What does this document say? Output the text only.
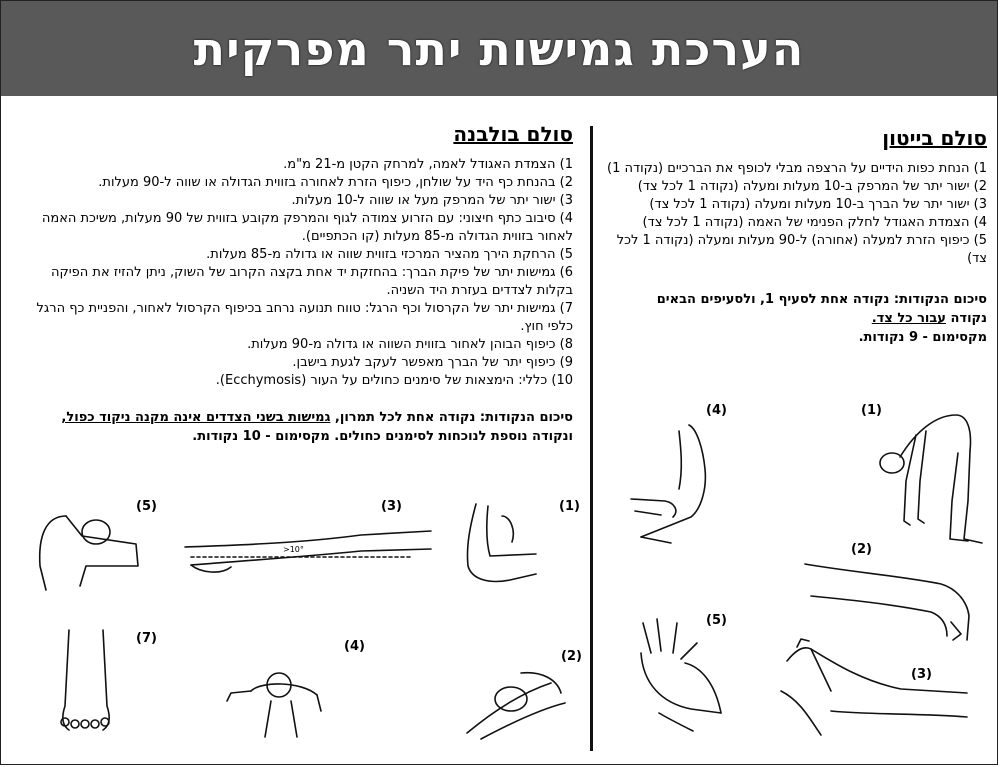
הערכת גמישות יתר מפרקית
סולם בייטון
1) הנחת כפות הידיים על הרצפה מבלי לכופף את הברכיים (נקודה 1)
2) ישור יתר של המרפק ב-10 מעלות ומעלה (נקודה 1 לכל צד)
3) ישור יתר של הברך ב-10 מעלות ומעלה (נקודה 1 לכל צד)
4) הצמדת האגודל לחלק הפנימי של האמה (נקודה 1 לכל צד)
5) כיפוף הזרת למעלה (אחורה) ל-90 מעלות ומעלה (נקודה 1 לכל צד)
סיכום הנקודות: נקודה אחת לסעיף 1, ולסעיפים הבאים
נקודה עבור כל צד.
מקסימום - 9 נקודות.
סולם בולבנה
1) הצמדת האגודל לאמה, למרחק הקטן מ-21 מ"מ.
2) בהנחת כף היד על שולחן, כיפוף הזרת לאחורה בזווית הגדולה או שווה ל-90 מעלות.
3) ישור יתר של המרפק מעל או שווה ל-10 מעלות.
4) סיבוב כתף חיצוני: עם הזרוע צמודה לגוף והמרפק מקובע בזווית של 90 מעלות, משיכת האמה לאחור בזווית הגדולה מ-85 מעלות (קו הכתפיים).
5) הרחקת הירך מהציר המרכזי בזווית שווה או גדולה מ-85 מעלות.
6) גמישות יתר של פיקת הברך: בהחזקת יד אחת בקצה הקרוב של השוק, ניתן להזיז את הפיקה בקלות לצדדים בעזרת היד השניה.
7) גמישות יתר של הקרסול וכף הרגל: טווח תנועה נרחב בכיפוף הקרסול לאחור, והפניית כף הרגל כלפי חוץ.
8) כיפוף הבוהן לאחור בזווית השווה או גדולה מ-90 מעלות.
9) כיפוף יתר של הברך מאפשר לעקב לגעת בישבן.
10) כללי: הימצאות של סימנים כחולים על העור (Ecchymosis).
סיכום הנקודות: נקודה אחת לכל תמרון, גמישות בשני הצדדים אינה מקנה ניקוד כפול,
ונקודה נוספת לנוכחות לסימנים כחולים. מקסימום - 10 נקודות.
(1)
(4)
(2)
(5)
(3)
(1)
(3)
(5)
(7)
(4)
(2)
>10°
